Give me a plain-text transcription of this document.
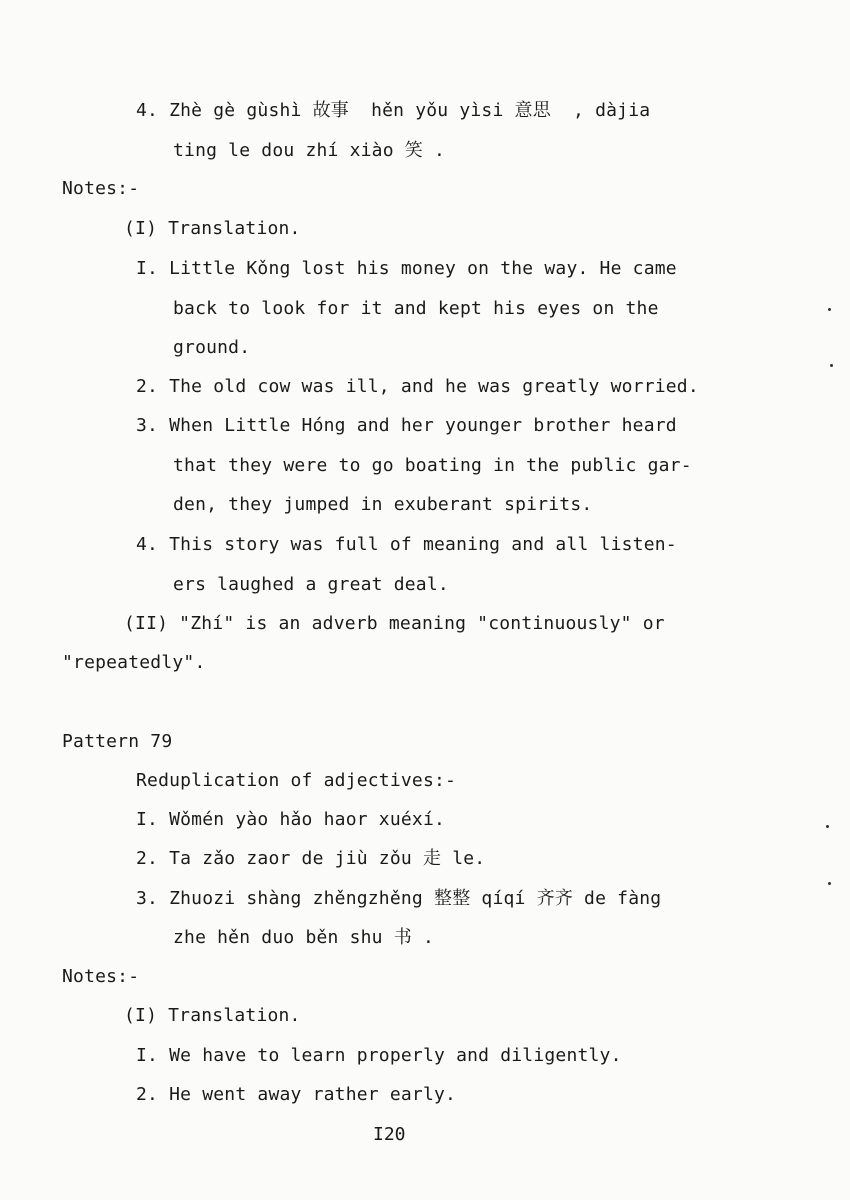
4. Zhè gè gùshì 故事  hěn yǒu yìsi 意思  , dàjia
ting le dou zhí xiào 笑 .
Notes:-
(I) Translation.
I. Little Kǒng lost his money on the way. He came
back to look for it and kept his eyes on the
ground.
2. The old cow was ill, and he was greatly worried.
3. When Little Hóng and her younger brother heard
that they were to go boating in the public gar-
den, they jumped in exuberant spirits.
4. This story was full of meaning and all listen-
ers laughed a great deal.
(II) "Zhí" is an adverb meaning "continuously" or
"repeatedly".
Pattern 79
Reduplication of adjectives:-
I. Wǒmén yào hǎo haor xuéxí.
2. Ta zǎo zaor de jiù zǒu 走 le.
3. Zhuozi shàng zhěngzhěng 整整 qíqí 齐齐 de fàng
zhe hěn duo běn shu 书 .
Notes:-
(I) Translation.
I. We have to learn properly and diligently.
2. He went away rather early.
I20
